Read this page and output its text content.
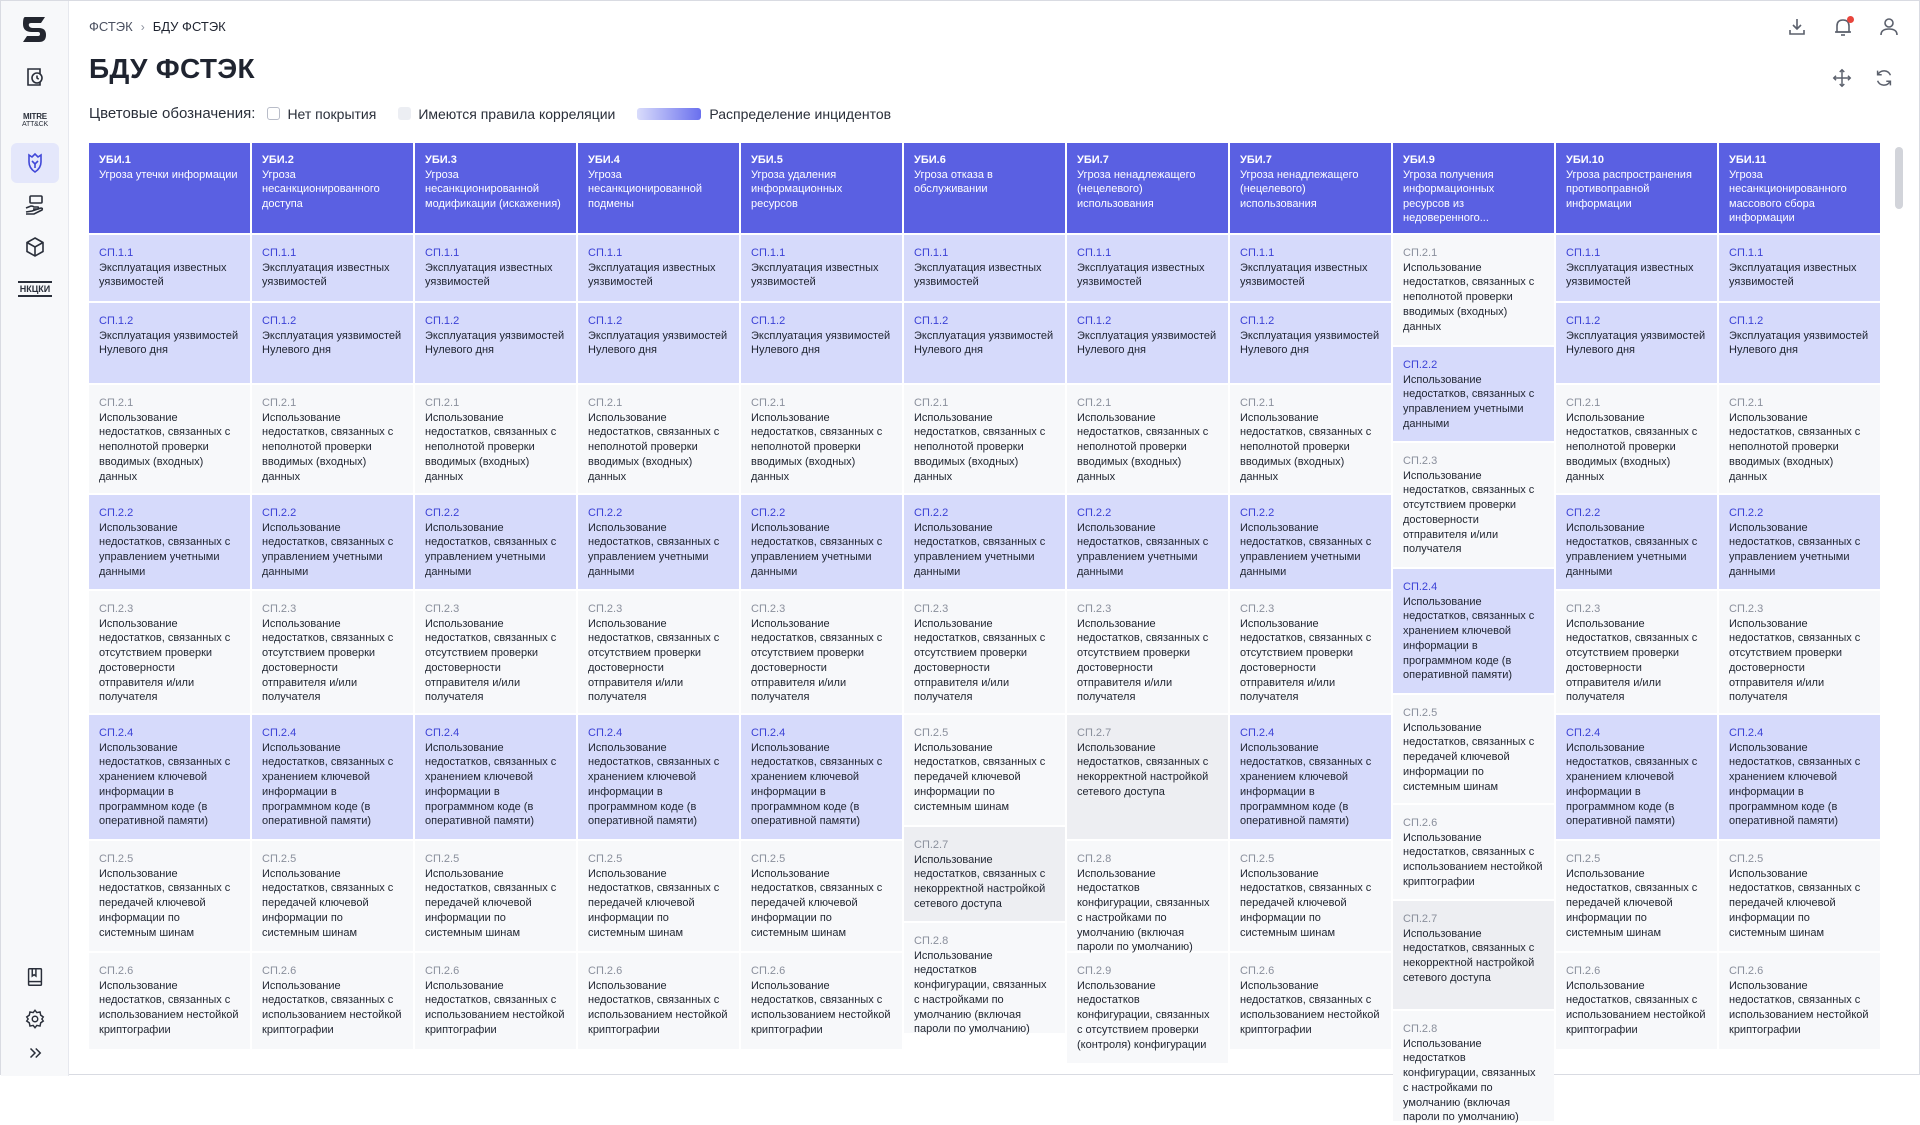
MITRE
ATT&CK
НКЦКИ
ФСТЭК › БДУ ФСТЭК
БДУ ФСТЭК
Цветовые обозначения: Нет покрытия	Имеются правила корреляции	Распределение инцидентов
УБИ.1
Угроза утечки информации
СП.1.1
Эксплуатация известных уязвимостей
СП.1.2
Эксплуатация уязвимостей Нулевого дня
СП.2.1
Использование недостатков, связанных с неполнотой проверки вводимых (входных) данных
СП.2.2
Использование недостатков, связанных с управлением учетными данными
СП.2.3
Использование недостатков, связанных с отсутствием проверки достоверности отправителя и/или получателя
СП.2.4
Использование недостатков, связанных с хранением ключевой информации в программном коде (в оперативной памяти)
СП.2.5
Использование недостатков, связанных с передачей ключевой информации по системным шинам
СП.2.6
Использование недостатков, связанных с использованием нестойкой криптографии
УБИ.2
Угроза несанкционированного доступа
СП.1.1
Эксплуатация известных уязвимостей
СП.1.2
Эксплуатация уязвимостей Нулевого дня
СП.2.1
Использование недостатков, связанных с неполнотой проверки вводимых (входных) данных
СП.2.2
Использование недостатков, связанных с управлением учетными данными
СП.2.3
Использование недостатков, связанных с отсутствием проверки достоверности отправителя и/или получателя
СП.2.4
Использование недостатков, связанных с хранением ключевой информации в программном коде (в оперативной памяти)
СП.2.5
Использование недостатков, связанных с передачей ключевой информации по системным шинам
СП.2.6
Использование недостатков, связанных с использованием нестойкой криптографии
УБИ.3
Угроза несанкционированной модификации (искажения)
СП.1.1
Эксплуатация известных уязвимостей
СП.1.2
Эксплуатация уязвимостей Нулевого дня
СП.2.1
Использование недостатков, связанных с неполнотой проверки вводимых (входных) данных
СП.2.2
Использование недостатков, связанных с управлением учетными данными
СП.2.3
Использование недостатков, связанных с отсутствием проверки достоверности отправителя и/или получателя
СП.2.4
Использование недостатков, связанных с хранением ключевой информации в программном коде (в оперативной памяти)
СП.2.5
Использование недостатков, связанных с передачей ключевой информации по системным шинам
СП.2.6
Использование недостатков, связанных с использованием нестойкой криптографии
УБИ.4
Угроза несанкционированной подмены
СП.1.1
Эксплуатация известных уязвимостей
СП.1.2
Эксплуатация уязвимостей Нулевого дня
СП.2.1
Использование недостатков, связанных с неполнотой проверки вводимых (входных) данных
СП.2.2
Использование недостатков, связанных с управлением учетными данными
СП.2.3
Использование недостатков, связанных с отсутствием проверки достоверности отправителя и/или получателя
СП.2.4
Использование недостатков, связанных с хранением ключевой информации в программном коде (в оперативной памяти)
СП.2.5
Использование недостатков, связанных с передачей ключевой информации по системным шинам
СП.2.6
Использование недостатков, связанных с использованием нестойкой криптографии
УБИ.5
Угроза удаления информационных ресурсов
СП.1.1
Эксплуатация известных уязвимостей
СП.1.2
Эксплуатация уязвимостей Нулевого дня
СП.2.1
Использование недостатков, связанных с неполнотой проверки вводимых (входных) данных
СП.2.2
Использование недостатков, связанных с управлением учетными данными
СП.2.3
Использование недостатков, связанных с отсутствием проверки достоверности отправителя и/или получателя
СП.2.4
Использование недостатков, связанных с хранением ключевой информации в программном коде (в оперативной памяти)
СП.2.5
Использование недостатков, связанных с передачей ключевой информации по системным шинам
СП.2.6
Использование недостатков, связанных с использованием нестойкой криптографии
УБИ.6
Угроза отказа в обслуживании
СП.1.1
Эксплуатация известных уязвимостей
СП.1.2
Эксплуатация уязвимостей Нулевого дня
СП.2.1
Использование недостатков, связанных с неполнотой проверки вводимых (входных) данных
СП.2.2
Использование недостатков, связанных с управлением учетными данными
СП.2.3
Использование недостатков, связанных с отсутствием проверки достоверности отправителя и/или получателя
СП.2.5
Использование недостатков, связанных с передачей ключевой информации по системным шинам
СП.2.7
Использование недостатков, связанных с некорректной настройкой сетевого доступа
СП.2.8
Использование недостатков конфигурации, связанных с настройками по умолчанию (включая пароли по умолчанию)
УБИ.7
Угроза ненадлежащего (нецелевого) использования
СП.1.1
Эксплуатация известных уязвимостей
СП.1.2
Эксплуатация уязвимостей Нулевого дня
СП.2.1
Использование недостатков, связанных с неполнотой проверки вводимых (входных) данных
СП.2.2
Использование недостатков, связанных с управлением учетными данными
СП.2.3
Использование недостатков, связанных с отсутствием проверки достоверности отправителя и/или получателя
СП.2.7
Использование недостатков, связанных с некорректной настройкой сетевого доступа
СП.2.8
Использование недостатков конфигурации, связанных с настройками по умолчанию (включая пароли по умолчанию)
СП.2.9
Использование недостатков конфигурации, связанных с отсутствием проверки (контроля) конфигурации
УБИ.7
Угроза ненадлежащего (нецелевого) использования
СП.1.1
Эксплуатация известных уязвимостей
СП.1.2
Эксплуатация уязвимостей Нулевого дня
СП.2.1
Использование недостатков, связанных с неполнотой проверки вводимых (входных) данных
СП.2.2
Использование недостатков, связанных с управлением учетными данными
СП.2.3
Использование недостатков, связанных с отсутствием проверки достоверности отправителя и/или получателя
СП.2.4
Использование недостатков, связанных с хранением ключевой информации в программном коде (в оперативной памяти)
СП.2.5
Использование недостатков, связанных с передачей ключевой информации по системным шинам
СП.2.6
Использование недостатков, связанных с использованием нестойкой криптографии
УБИ.9
Угроза получения информационных ресурсов из недоверенного...
СП.2.1
Использование недостатков, связанных с неполнотой проверки вводимых (входных) данных
СП.2.2
Использование недостатков, связанных с управлением учетными данными
СП.2.3
Использование недостатков, связанных с отсутствием проверки достоверности отправителя и/или получателя
СП.2.4
Использование недостатков, связанных с хранением ключевой информации в программном коде (в оперативной памяти)
СП.2.5
Использование недостатков, связанных с передачей ключевой информации по системным шинам
СП.2.6
Использование недостатков, связанных с использованием нестойкой криптографии
СП.2.7
Использование недостатков, связанных с некорректной настройкой сетевого доступа
СП.2.8
Использование недостатков конфигурации, связанных с настройками по умолчанию (включая пароли по умолчанию)
УБИ.10
Угроза распространения противоправной информации
СП.1.1
Эксплуатация известных уязвимостей
СП.1.2
Эксплуатация уязвимостей Нулевого дня
СП.2.1
Использование недостатков, связанных с неполнотой проверки вводимых (входных) данных
СП.2.2
Использование недостатков, связанных с управлением учетными данными
СП.2.3
Использование недостатков, связанных с отсутствием проверки достоверности отправителя и/или получателя
СП.2.4
Использование недостатков, связанных с хранением ключевой информации в программном коде (в оперативной памяти)
СП.2.5
Использование недостатков, связанных с передачей ключевой информации по системным шинам
СП.2.6
Использование недостатков, связанных с использованием нестойкой криптографии
УБИ.11
Угроза несанкционированного массового сбора информации
СП.1.1
Эксплуатация известных уязвимостей
СП.1.2
Эксплуатация уязвимостей Нулевого дня
СП.2.1
Использование недостатков, связанных с неполнотой проверки вводимых (входных) данных
СП.2.2
Использование недостатков, связанных с управлением учетными данными
СП.2.3
Использование недостатков, связанных с отсутствием проверки достоверности отправителя и/или получателя
СП.2.4
Использование недостатков, связанных с хранением ключевой информации в программном коде (в оперативной памяти)
СП.2.5
Использование недостатков, связанных с передачей ключевой информации по системным шинам
СП.2.6
Использование недостатков, связанных с использованием нестойкой криптографии
